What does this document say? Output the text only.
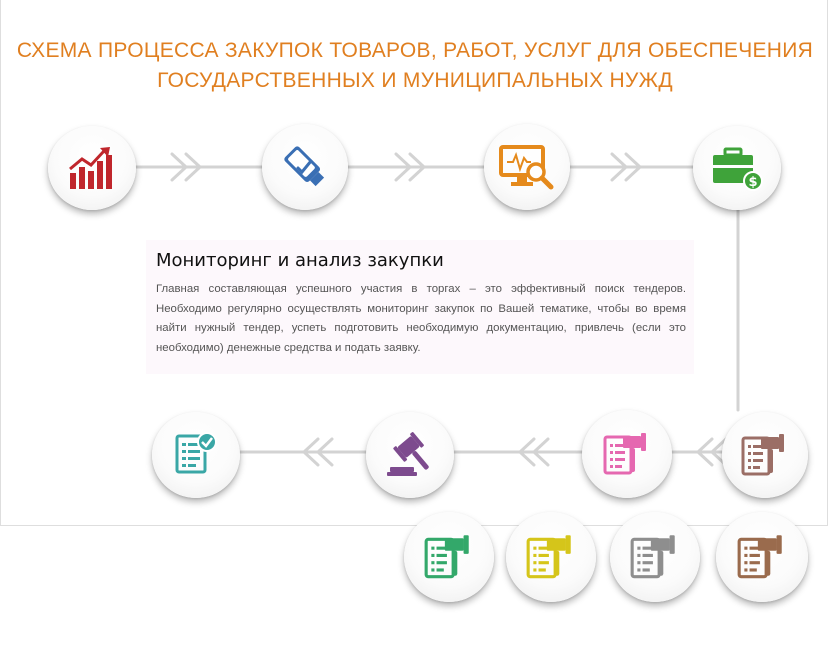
СХЕМА ПРОЦЕССА ЗАКУПОК ТОВАРОВ, РАБОТ, УСЛУГ ДЛЯ ОБЕСПЕЧЕНИЯ
ГОСУДАРСТВЕННЫХ И МУНИЦИПАЛЬНЫХ НУЖД
$
Мониторинг и анализ закупки

Главная составляющая успешного участия в торгах – это эффективный поиск тендеров. Необходимо регулярно осуществлять мониторинг закупок по Вашей тематике, чтобы во время найти нужный тендер, успеть подготовить необходимую документацию, привлечь (если это необходимо) денежные средства и подать заявку.
